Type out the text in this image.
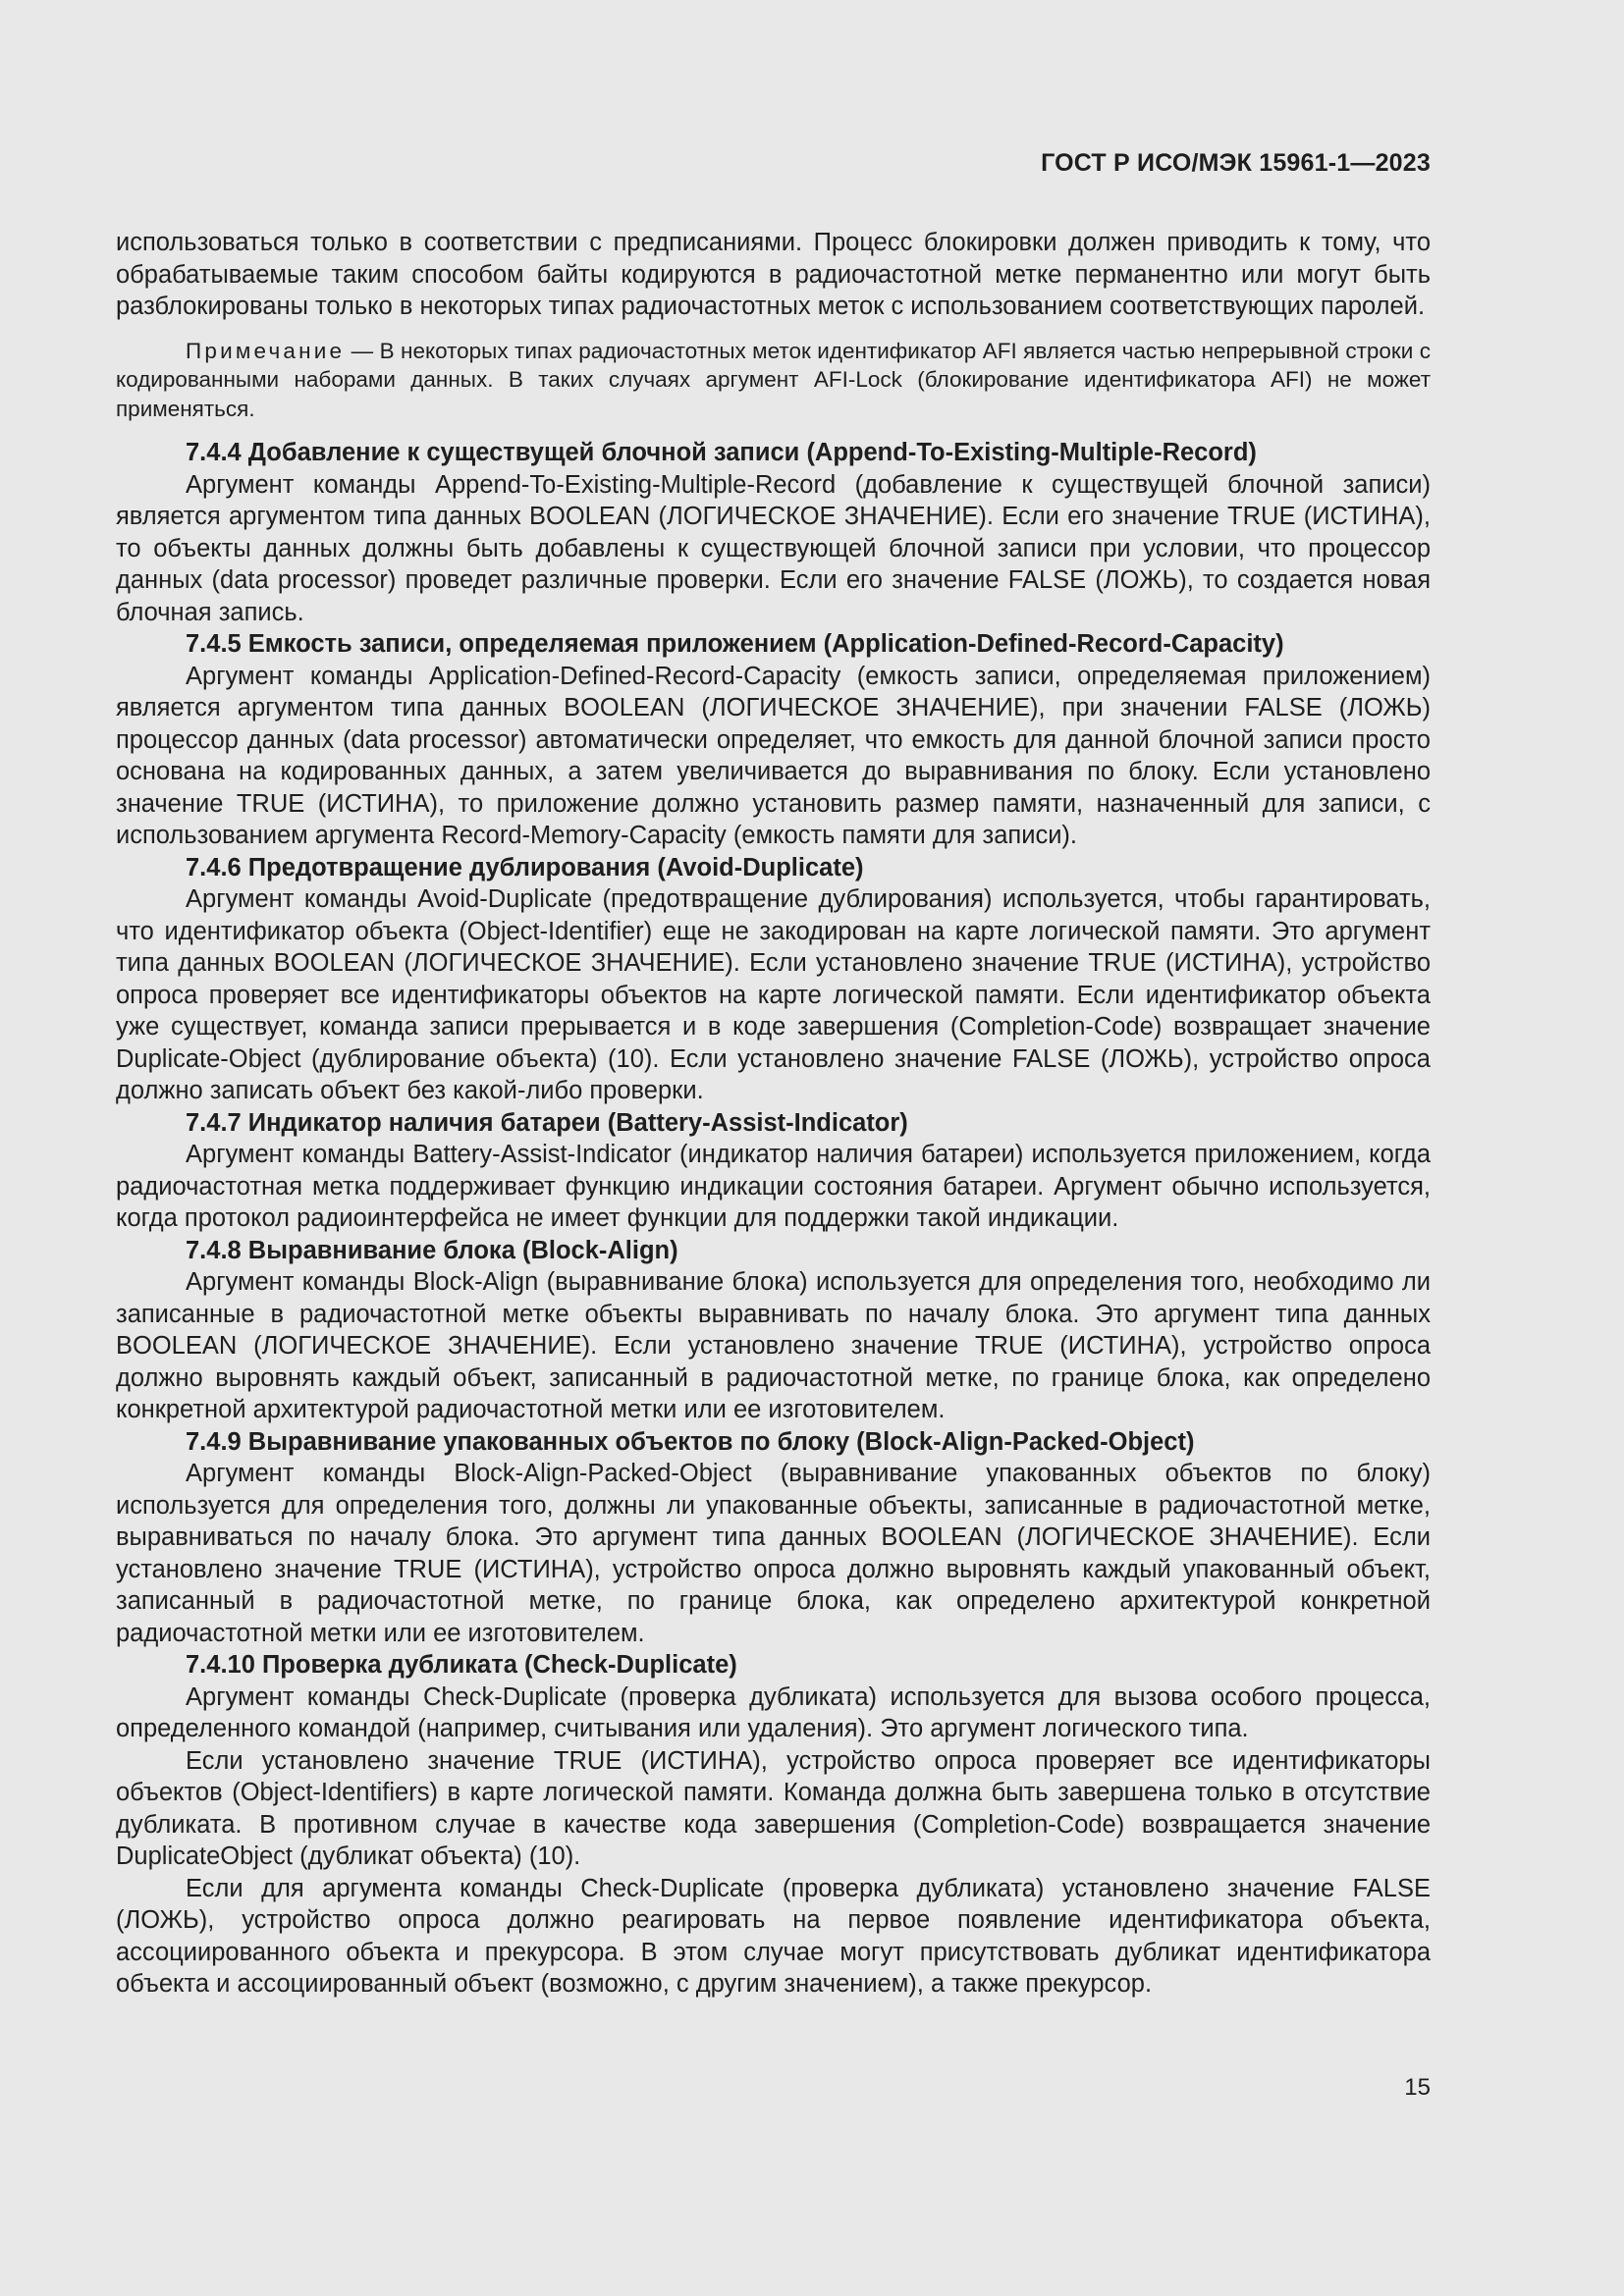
ГОСТ Р ИСО/МЭК 15961-1—2023

использоваться только в соответствии с предписаниями. Процесс блокировки должен приводить к тому, что обрабатываемые таким способом байты кодируются в радиочастотной метке перманентно или могут быть разблокированы только в некоторых типах радиочастотных меток с использованием соответствующих паролей.

Примечание — В некоторых типах радиочастотных меток идентификатор AFI является частью непрерывной строки с кодированными наборами данных. В таких случаях аргумент AFI-Lock (блокирование идентификатора AFI) не может применяться.

7.4.4 Добавление к существущей блочной записи (Append-To-Existing-Multiple-Record)

Аргумент команды Append-To-Existing-Multiple-Record (добавление к существущей блочной записи) является аргументом типа данных BOOLEAN (ЛОГИЧЕСКОЕ ЗНАЧЕНИЕ). Если его значение TRUE (ИСТИНА), то объекты данных должны быть добавлены к существующей блочной записи при условии, что процессор данных (data processor) проведет различные проверки. Если его значение FALSE (ЛОЖЬ), то создается новая блочная запись.

7.4.5 Емкость записи, определяемая приложением (Application-Defined-Record-Capacity)

Аргумент команды Application-Defined-Record-Capacity (емкость записи, определяемая приложением) является аргументом типа данных BOOLEAN (ЛОГИЧЕСКОЕ ЗНАЧЕНИЕ), при значении FALSE (ЛОЖЬ) процессор данных (data processor) автоматически определяет, что емкость для данной блочной записи просто основана на кодированных данных, а затем увеличивается до выравнивания по блоку. Если установлено значение TRUE (ИСТИНА), то приложение должно установить размер памяти, назначенный для записи, с использованием аргумента Record-Memory-Capacity (емкость памяти для записи).

7.4.6 Предотвращение дублирования (Avoid-Duplicate)

Аргумент команды Avoid-Duplicate (предотвращение дублирования) используется, чтобы гарантировать, что идентификатор объекта (Object-Identifier) еще не закодирован на карте логической памяти. Это аргумент типа данных BOOLEAN (ЛОГИЧЕСКОЕ ЗНАЧЕНИЕ). Если установлено значение TRUE (ИСТИНА), устройство опроса проверяет все идентификаторы объектов на карте логической памяти. Если идентификатор объекта уже существует, команда записи прерывается и в коде завершения (Completion-Code) возвращает значение Duplicate-Object (дублирование объекта) (10). Если установлено значение FALSE (ЛОЖЬ), устройство опроса должно записать объект без какой-либо проверки.

7.4.7 Индикатор наличия батареи (Battery-Assist-Indicator)

Аргумент команды Battery-Assist-Indicator (индикатор наличия батареи) используется приложением, когда радиочастотная метка поддерживает функцию индикации состояния батареи. Аргумент обычно используется, когда протокол радиоинтерфейса не имеет функции для поддержки такой индикации.

7.4.8 Выравнивание блока (Block-Align)

Аргумент команды Block-Align (выравнивание блока) используется для определения того, необходимо ли записанные в радиочастотной метке объекты выравнивать по началу блока. Это аргумент типа данных BOOLEAN (ЛОГИЧЕСКОЕ ЗНАЧЕНИЕ). Если установлено значение TRUE (ИСТИНА), устройство опроса должно выровнять каждый объект, записанный в радиочастотной метке, по границе блока, как определено конкретной архитектурой радиочастотной метки или ее изготовителем.

7.4.9 Выравнивание упакованных объектов по блоку (Block-Align-Packed-Object)

Аргумент команды Block-Align-Packed-Object (выравнивание упакованных объектов по блоку) используется для определения того, должны ли упакованные объекты, записанные в радиочастотной метке, выравниваться по началу блока. Это аргумент типа данных BOOLEAN (ЛОГИЧЕСКОЕ ЗНАЧЕНИЕ). Если установлено значение TRUE (ИСТИНА), устройство опроса должно выровнять каждый упакованный объект, записанный в радиочастотной метке, по границе блока, как определено архитектурой конкретной радиочастотной метки или ее изготовителем.

7.4.10 Проверка дубликата (Check-Duplicate)

Аргумент команды Check-Duplicate (проверка дубликата) используется для вызова особого процесса, определенного командой (например, считывания или удаления). Это аргумент логического типа.

Если установлено значение TRUE (ИСТИНА), устройство опроса проверяет все идентификаторы объектов (Object-Identifiers) в карте логической памяти. Команда должна быть завершена только в отсутствие дубликата. В противном случае в качестве кода завершения (Completion-Code) возвращается значение DuplicateObject (дубликат объекта) (10).

Если для аргумента команды Check-Duplicate (проверка дубликата) установлено значение FALSE (ЛОЖЬ), устройство опроса должно реагировать на первое появление идентификатора объекта, ассоциированного объекта и прекурсора. В этом случае могут присутствовать дубликат идентификатора объекта и ассоциированный объект (возможно, с другим значением), а также прекурсор.

15
